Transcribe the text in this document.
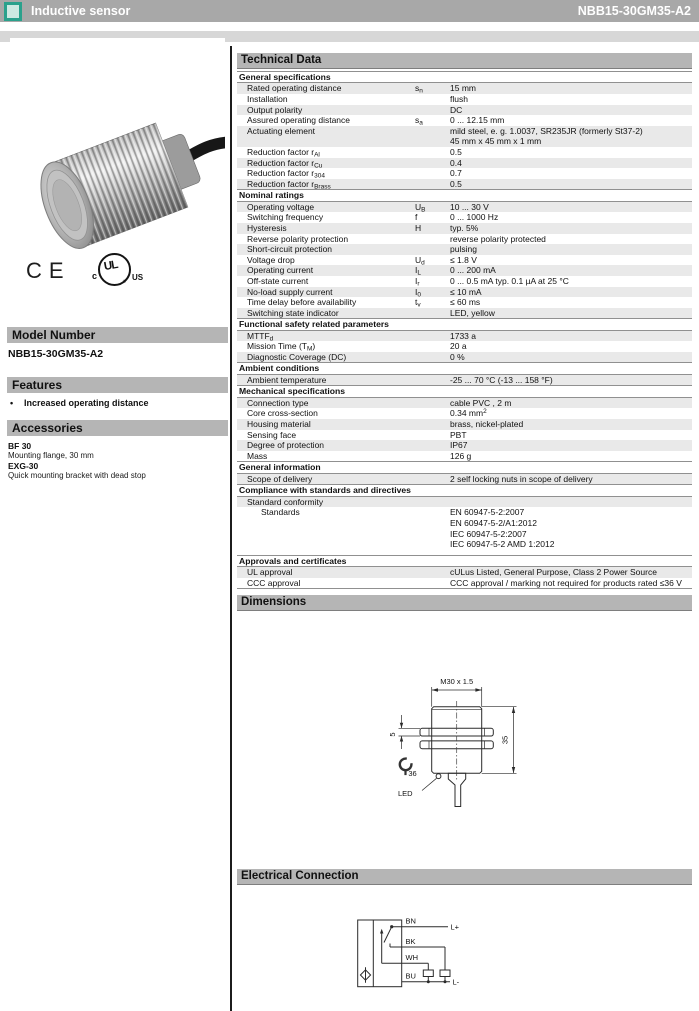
Inductive sensor	NBB15-30GM35-A2
CE c
UL
® US
Model Number
NBB15-30GM35-A2
Features
•	Increased operating distance
Accessories
BF 30
Mounting flange, 30 mm
EXG-30
Quick mounting bracket with dead stop
Technical Data
General specifications
Rated operating distance	$s_n$	15 mm
Installation	flush
Output polarity	DC
Assured operating distance	$s_a$	0 ... 12.15 mm
Actuating element	mild steel, e. g. 1.0037, SR235JR (formerly St37-2)
45 mm x 45 mm x 1 mm
Reduction factor $r_{Al}$	0.5
Reduction factor $r_{Cu}$	0.4
Reduction factor $r_{304}$	0.7
Reduction factor $r_{Brass}$	0.5
Nominal ratings
Operating voltage	$U_B$	10 ... 30 V
Switching frequency	f	0 ... 1000 Hz
Hysteresis	H	typ. 5%
Reverse polarity protection	reverse polarity protected
Short-circuit protection	pulsing
Voltage drop	$U_d$	≤ 1.8 V
Operating current	$I_L$	0 ... 200 mA
Off-state current	$I_r$	0 ... 0.5 mA typ. 0.1 µA at 25 °C
No-load supply current	$I_0$	≤ 10 mA
Time delay before availability	$t_v$	≤ 60 ms
Switching state indicator	LED, yellow
Functional safety related parameters
$MTTF_d$	1733 a
Mission Time $(T_M)$	20 a
Diagnostic Coverage (DC)	0 %
Ambient conditions
Ambient temperature	-25 ... 70 °C (-13 ... 158 °F)
Mechanical specifications
Connection type	cable PVC , 2 m
Core cross-section	0.34 $mm^2$
Housing material	brass, nickel-plated
Sensing face	PBT
Degree of protection	IP67
Mass	126 g
General information
Scope of delivery	2 self locking nuts in scope of delivery
Compliance with standards and directives
Standard conformity
Standards	EN 60947-5-2:2007
EN 60947-5-2/A1:2012
IEC 60947-5-2:2007
IEC 60947-5-2 AMD 1:2012
Approvals and certificates
UL approval	cULus Listed, General Purpose, Class 2 Power Source
CCC approval	CCC approval / marking not required for products rated ≤36 V
Dimensions
M30 x 1.5
5
35
36
LED
Electrical Connection
BN
L+
BK
WH
BU
L-
